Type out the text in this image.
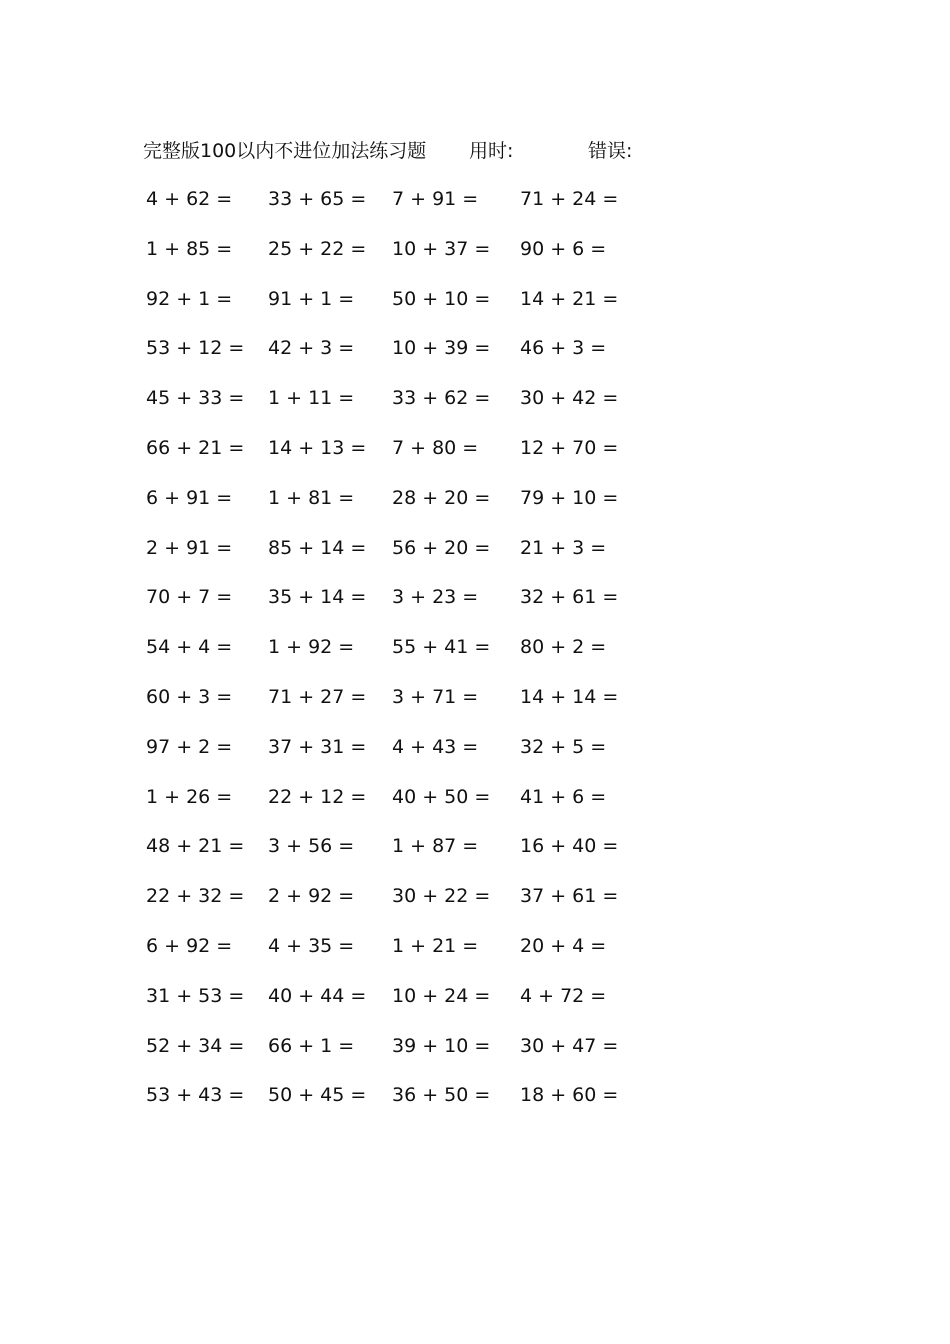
完整版100以内不进位加法练习题 用时:	错误:
4 + 62 = 33 + 65 = 7 + 91 = 71 + 24 =
1 + 85 = 25 + 22 = 10 + 37 = 90 + 6 =
92 + 1 = 91 + 1 = 50 + 10 = 14 + 21 =
53 + 12 = 42 + 3 = 10 + 39 = 46 + 3 =
45 + 33 = 1 + 11 = 33 + 62 = 30 + 42 =
66 + 21 = 14 + 13 = 7 + 80 = 12 + 70 =
6 + 91 = 1 + 81 = 28 + 20 = 79 + 10 =
2 + 91 = 85 + 14 = 56 + 20 = 21 + 3 =
70 + 7 = 35 + 14 = 3 + 23 = 32 + 61 =
54 + 4 = 1 + 92 = 55 + 41 = 80 + 2 =
60 + 3 = 71 + 27 = 3 + 71 = 14 + 14 =
97 + 2 = 37 + 31 = 4 + 43 = 32 + 5 =
1 + 26 = 22 + 12 = 40 + 50 = 41 + 6 =
48 + 21 = 3 + 56 = 1 + 87 = 16 + 40 =
22 + 32 = 2 + 92 = 30 + 22 = 37 + 61 =
6 + 92 = 4 + 35 = 1 + 21 = 20 + 4 =
31 + 53 = 40 + 44 = 10 + 24 = 4 + 72 =
52 + 34 = 66 + 1 = 39 + 10 = 30 + 47 =
53 + 43 = 50 + 45 = 36 + 50 = 18 + 60 =
